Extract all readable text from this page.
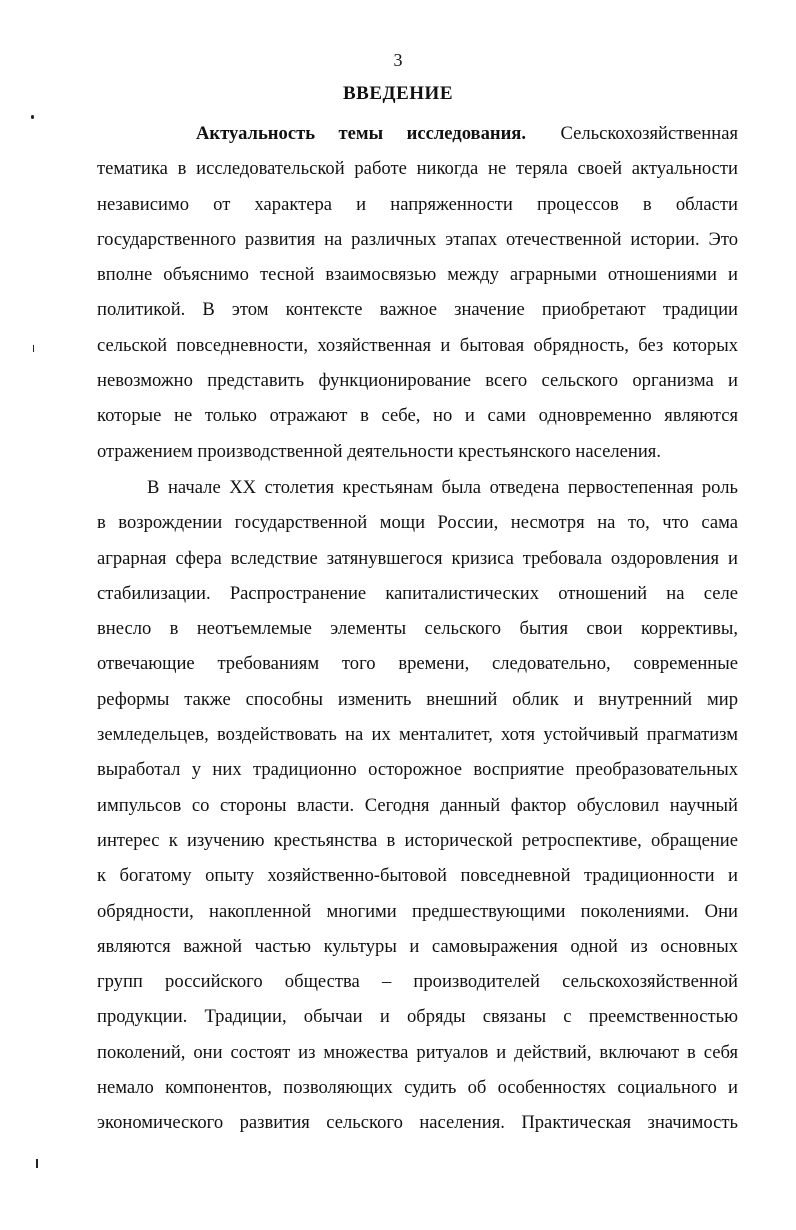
3
ВВЕДЕНИЕ
Актуальность темы исследования. Сельскохозяйственная
тематика в исследовательской работе никогда не теряла своей актуальности
независимо от характера и напряженности процессов в области
государственного развития на различных этапах отечественной истории. Это
вполне объяснимо тесной взаимосвязью между аграрными отношениями и
политикой. В этом контексте важное значение приобретают традиции
сельской повседневности, хозяйственная и бытовая обрядность, без которых
невозможно представить функционирование всего сельского организма и
которые не только отражают в себе, но и сами одновременно являются
отражением производственной деятельности крестьянского населения.
В начале XX столетия крестьянам была отведена первостепенная роль
в возрождении государственной мощи России, несмотря на то, что сама
аграрная сфера вследствие затянувшегося кризиса требовала оздоровления и
стабилизации. Распространение капиталистических отношений на селе
внесло в неотъемлемые элементы сельского бытия свои коррективы,
отвечающие требованиям того времени, следовательно, современные
реформы также способны изменить внешний облик и внутренний мир
земледельцев, воздействовать на их менталитет, хотя устойчивый прагматизм
выработал у них традиционно осторожное восприятие преобразовательных
импульсов со стороны власти. Сегодня данный фактор обусловил научный
интерес к изучению крестьянства в исторической ретроспективе, обращение
к богатому опыту хозяйственно-бытовой повседневной традиционности и
обрядности, накопленной многими предшествующими поколениями. Они
являются важной частью культуры и самовыражения одной из основных
групп российского общества – производителей сельскохозяйственной
продукции. Традиции, обычаи и обряды связаны с преемственностью
поколений, они состоят из множества ритуалов и действий, включают в себя
немало компонентов, позволяющих судить об особенностях социального и
экономического развития сельского населения. Практическая значимость
